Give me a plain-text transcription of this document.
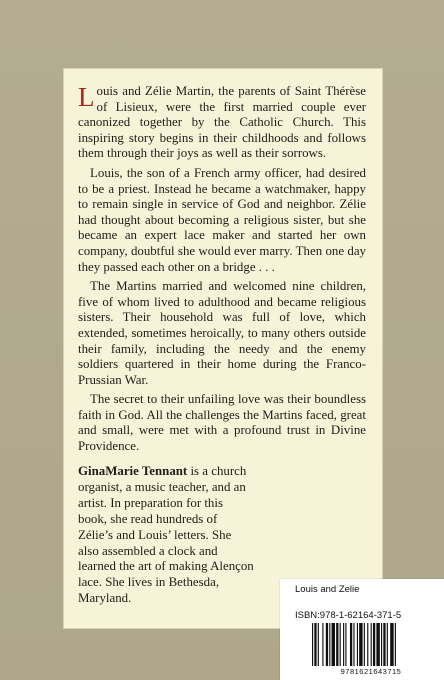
Louis and Zélie Martin, the parents of Saint Thérèse of Lisieux, were the first married couple ever canonized together by the Catholic Church. This inspiring story begins in their childhoods and follows them through their joys as well as their sorrows.

Louis, the son of a French army officer, had desired to be a priest. Instead he became a watchmaker, happy to remain single in service of God and neighbor. Zélie had thought about becoming a religious sister, but she became an expert lace maker and started her own company, doubtful she would ever marry. Then one day they passed each other on a bridge . . .

The Martins married and welcomed nine children, five of whom lived to adulthood and became religious sisters. Their household was full of love, which extended, sometimes heroically, to many others outside their family, including the needy and the enemy soldiers quartered in their home during the Franco-Prussian War.

The secret to their unfailing love was their boundless faith in God. All the challenges the Martins faced, great and small, were met with a profound trust in Divine Providence.

GinaMarie Tennant is a church organist, a music teacher, and an artist. In preparation for this book, she read hundreds of Zélie’s and Louis’ letters. She also assembled a clock and learned the art of making Alençon lace. She lives in Bethesda, Maryland.
Louis and Zelie
ISBN:978-1-62164-371-5
9781621643715
